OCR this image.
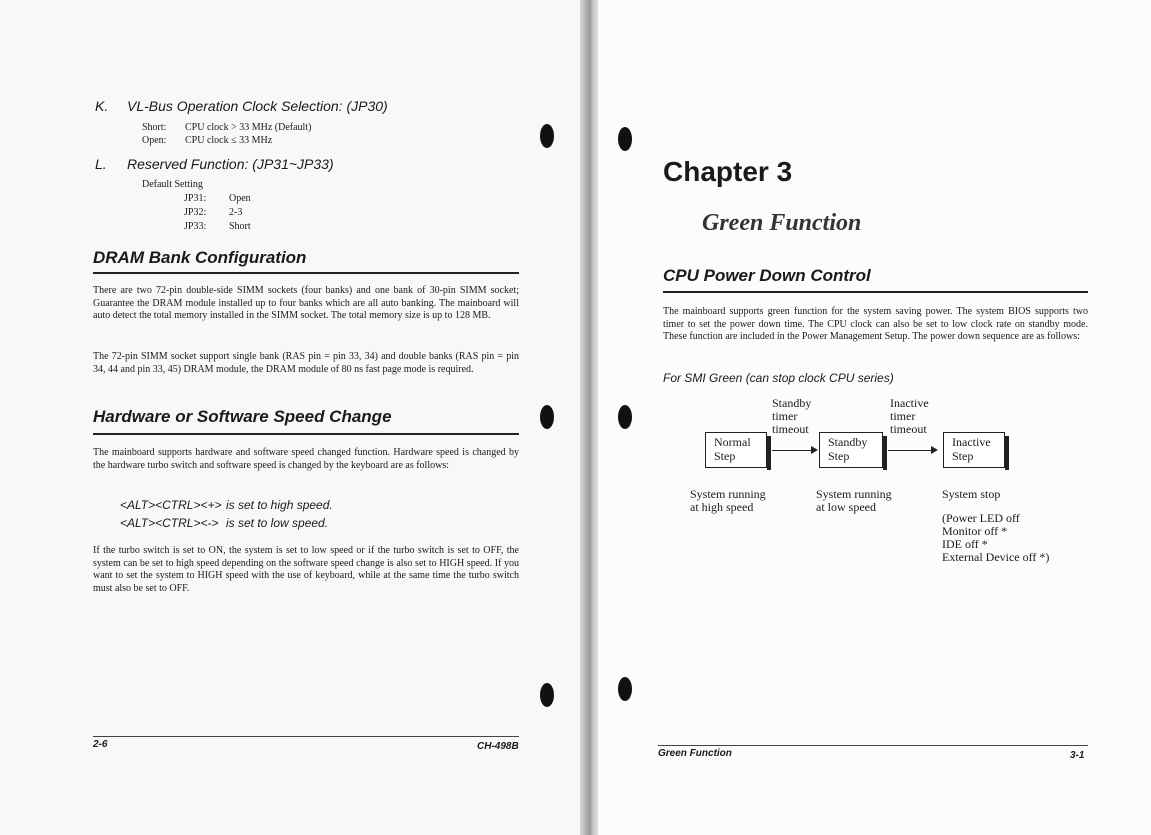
K. VL-Bus Operation Clock Selection: (JP30)
Short: CPU clock > 33 MHz (Default)
Open: CPU clock ≤ 33 MHz
L. Reserved Function: (JP31~JP33)
Default Setting
JP31: Open
JP32: 2-3
JP33: Short
DRAM Bank Configuration
There are two 72-pin double-side SIMM sockets (four banks) and one bank of 30-pin SIMM socket; Guarantee the DRAM module installed up to four banks which are all auto banking. The mainboard will auto detect the total memory installed in the SIMM socket. The total memory size is up to 128 MB.
The 72-pin SIMM socket support single bank (RAS pin = pin 33, 34) and double banks (RAS pin = pin 34, 44 and pin 33, 45) DRAM module, the DRAM module of 80 ns fast page mode is required.
Hardware or Software Speed Change
The mainboard supports hardware and software speed changed function. Hardware speed is changed by the hardware turbo switch and software speed is changed by the keyboard are as follows:
<ALT><CTRL><+> is set to high speed.
<ALT><CTRL><-> is set to low speed.
If the turbo switch is set to ON, the system is set to low speed or if the turbo switch is set to OFF, the system can be set to high speed depending on the software speed change is also set to HIGH speed. If you want to set the system to HIGH speed with the use of keyboard, while at the same time the turbo switch must also be set to OFF.
2-6	CH-498B
Chapter 3
Green Function
CPU Power Down Control
The mainboard supports green function for the system saving power. The system BIOS supports two timer to set the power down time. The CPU clock can also be set to low clock rate on standby mode. These function are included in the Power Management Setup. The power down sequence are as follows:
For SMI Green (can stop clock CPU series)
Standby
timer
timeout
Inactive
timer
timeout
Normal
Step
Standby
Step
Inactive
Step
System running
at high speed
System running
at low speed
System stop
(Power LED off
Monitor off *
IDE off *
External Device off *)
Green Function	3-1
